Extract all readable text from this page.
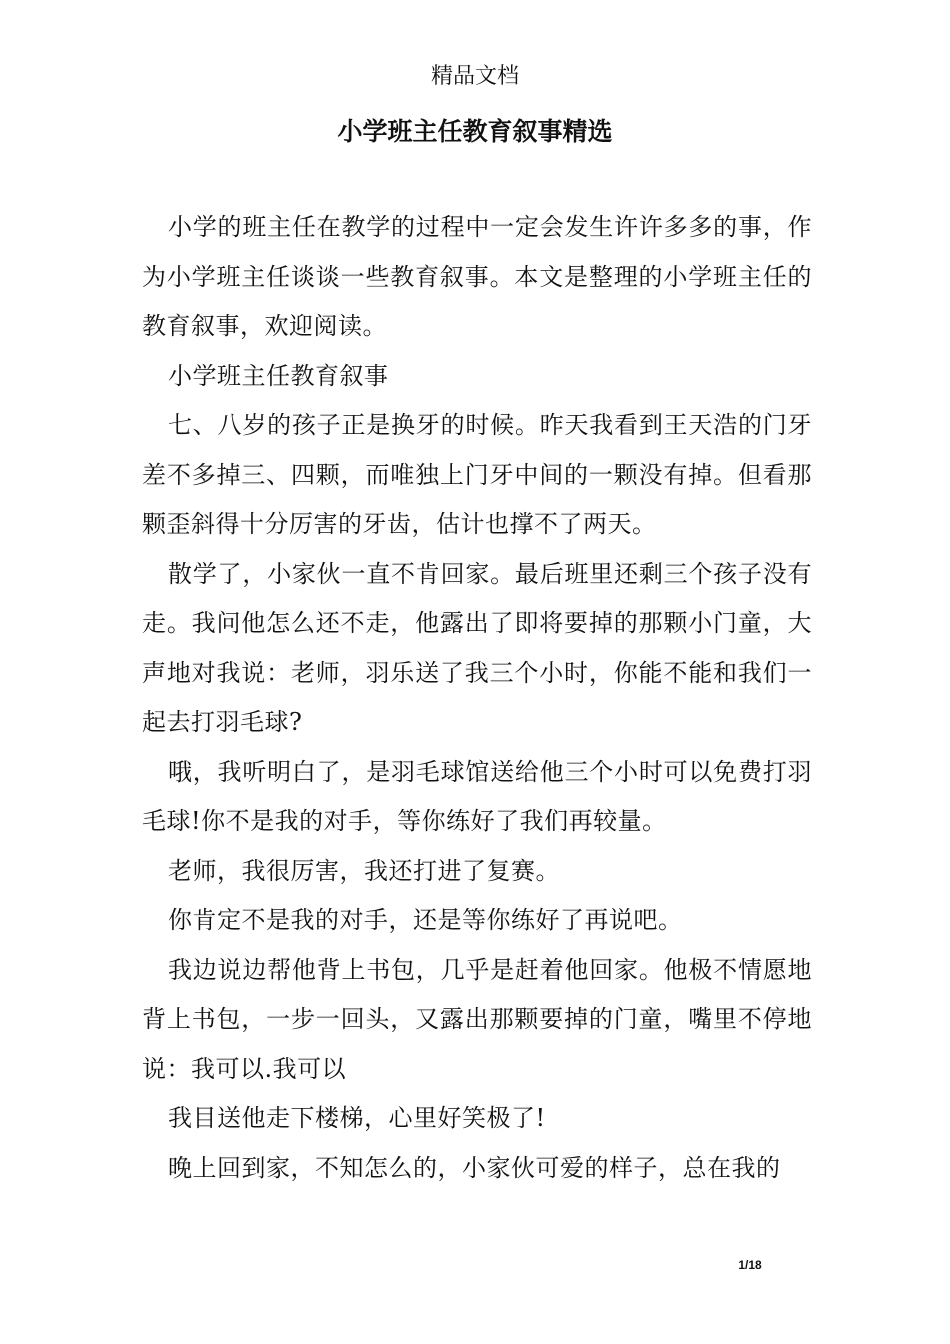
精品文档
小学班主任教育叙事精选

小学的班主任在教学的过程中一定会发生许许多多的事，作为小学班主任谈谈一些教育叙事。本文是整理的小学班主任的教育叙事，欢迎阅读。

小学班主任教育叙事

七、八岁的孩子正是换牙的时候。昨天我看到王天浩的门牙差不多掉三、四颗，而唯独上门牙中间的一颗没有掉。但看那颗歪斜得十分厉害的牙齿，估计也撑不了两天。

散学了，小家伙一直不肯回家。最后班里还剩三个孩子没有走。我问他怎么还不走，他露出了即将要掉的那颗小门童，大声地对我说：老师，羽乐送了我三个小时，你能不能和我们一起去打羽毛球?

哦，我听明白了，是羽毛球馆送给他三个小时可以免费打羽毛球!你不是我的对手，等你练好了我们再较量。

老师，我很厉害，我还打进了复赛。

你肯定不是我的对手，还是等你练好了再说吧。

我边说边帮他背上书包，几乎是赶着他回家。他极不情愿地背上书包，一步一回头，又露出那颗要掉的门童，嘴里不停地说：我可以.我可以

我目送他走下楼梯，心里好笑极了!

晚上回到家，不知怎么的，小家伙可爱的样子，总在我的

1/18
